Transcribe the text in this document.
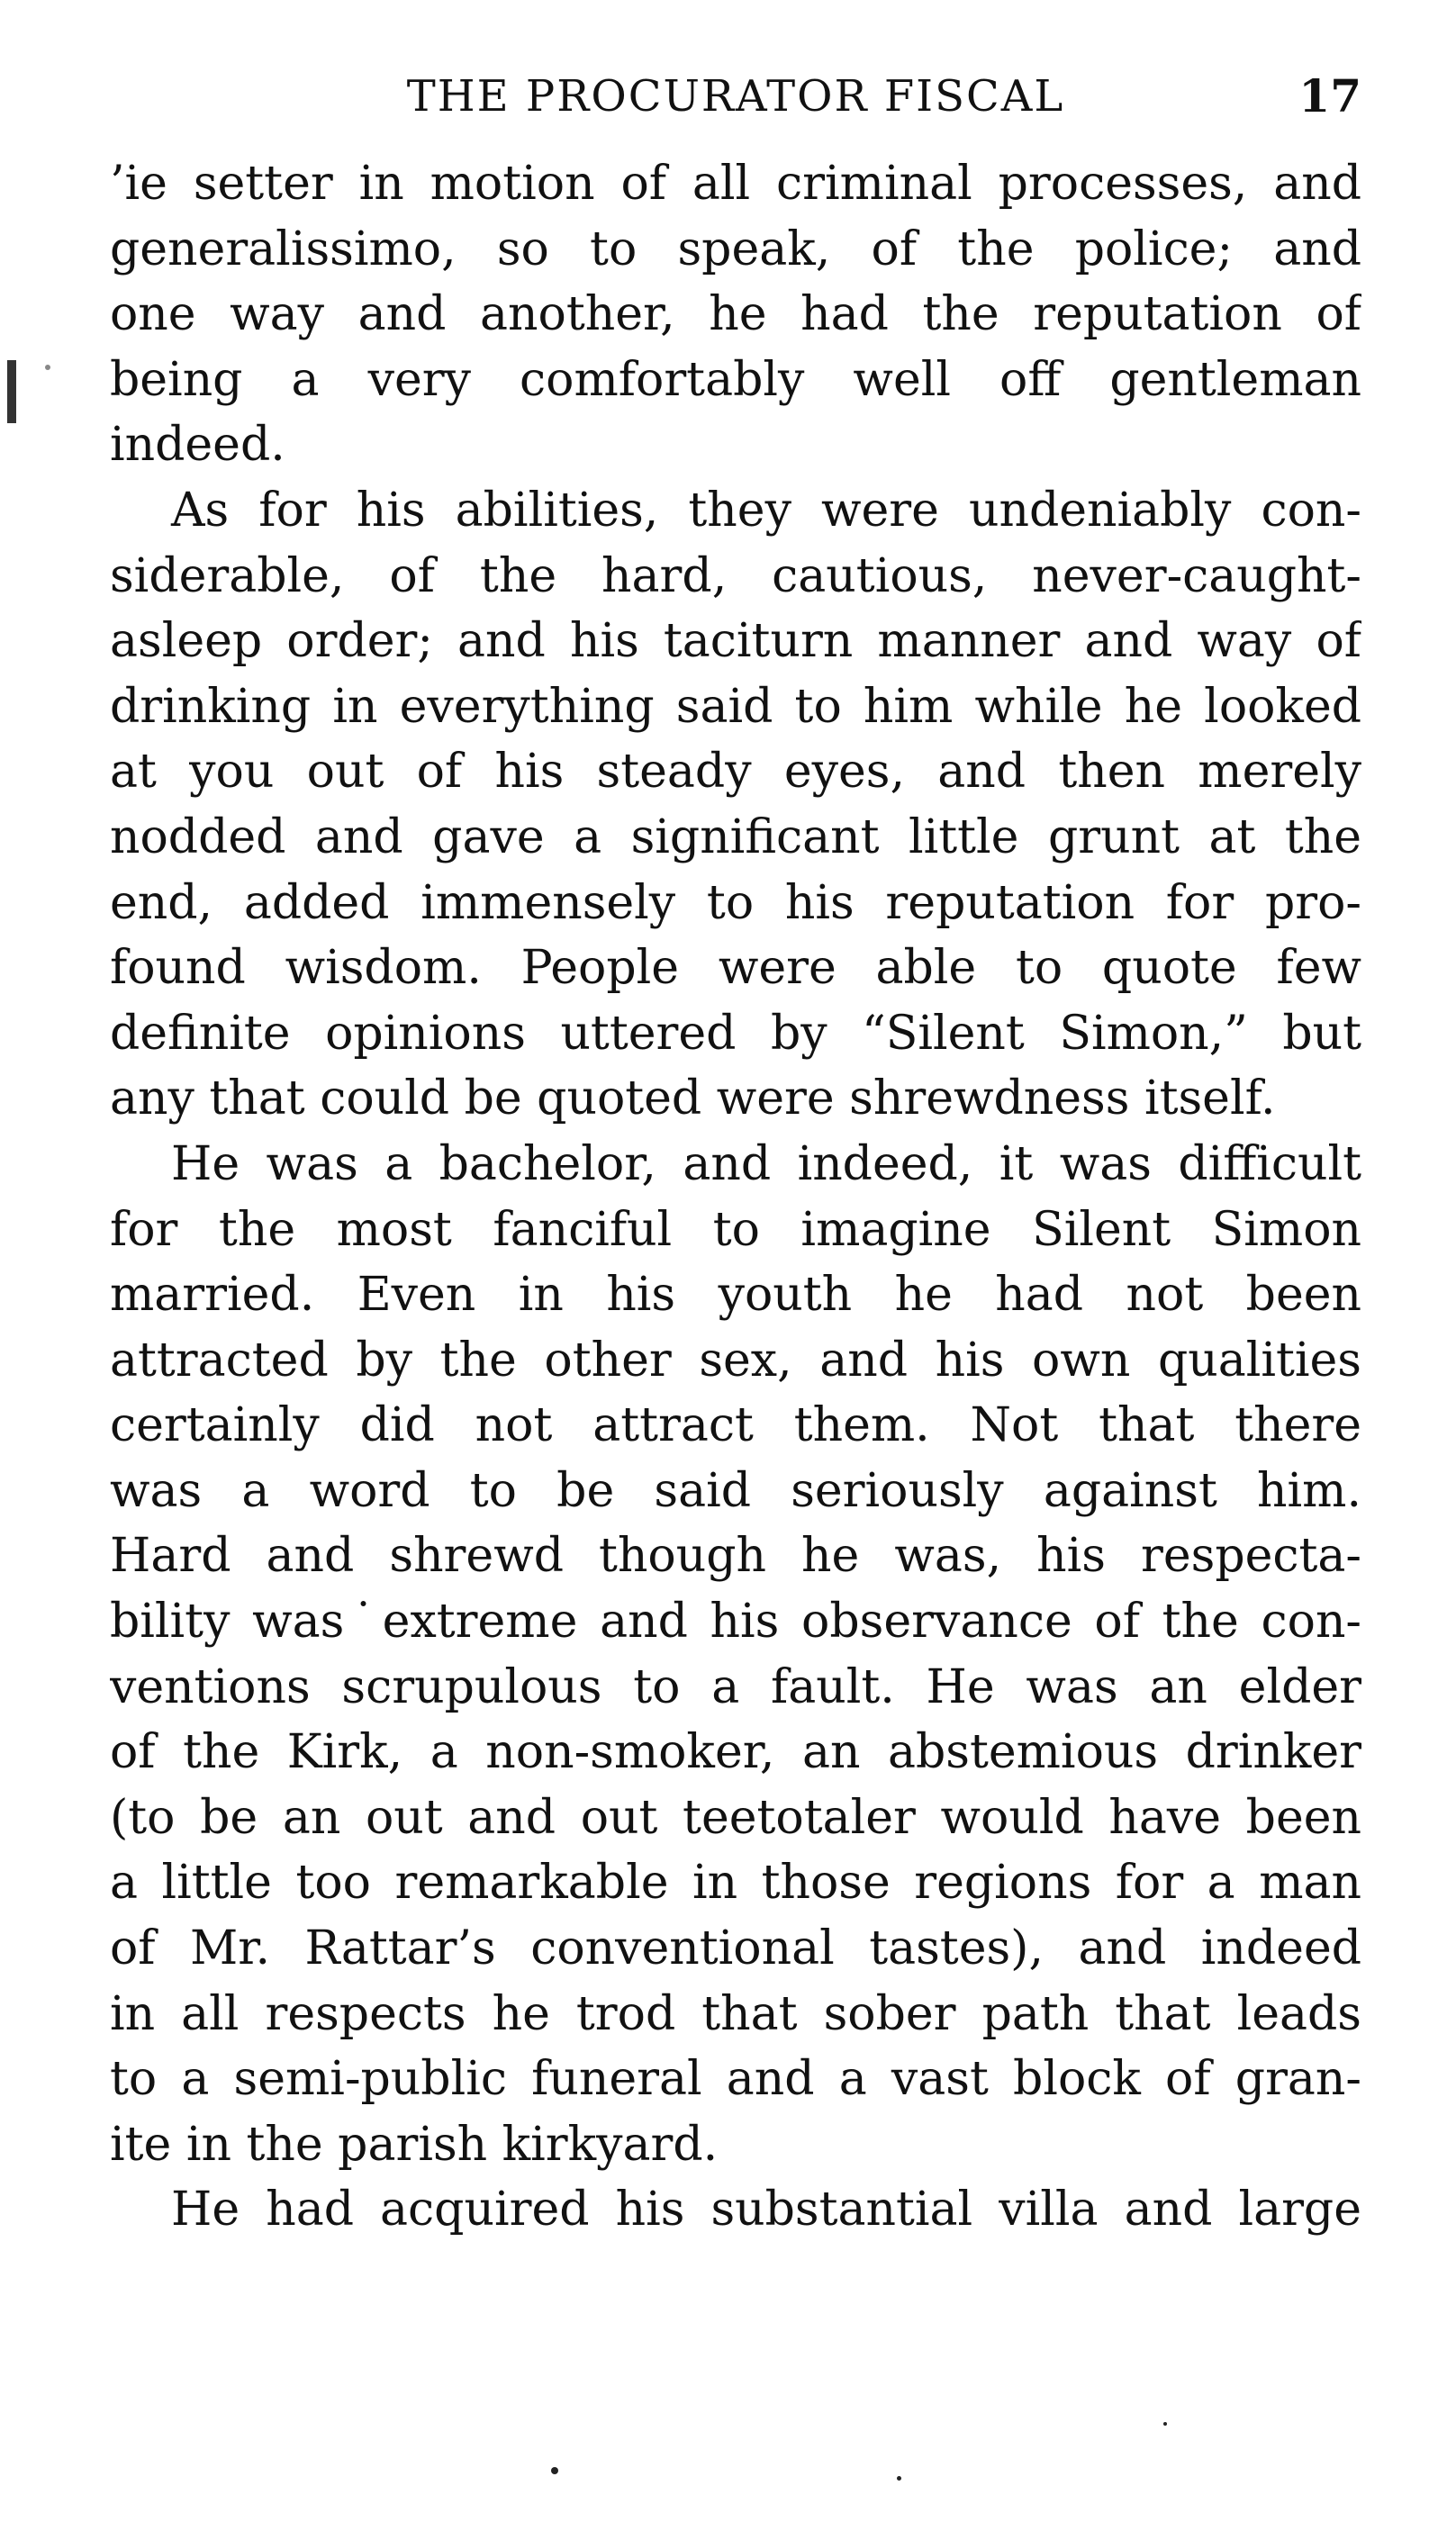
THE PROCURATOR FISCAL	17
’ie setter in motion of all criminal processes, and
generalissimo, so to speak, of the police; and
one way and another, he had the reputation of
being a very comfortably well off gentleman
indeed.
As for his abilities, they were undeniably con-
siderable, of the hard, cautious, never-caught-
asleep order; and his taciturn manner and way of
drinking in everything said to him while he looked
at you out of his steady eyes, and then merely
nodded and gave a significant little grunt at the
end, added immensely to his reputation for pro-
found wisdom. People were able to quote few
definite opinions uttered by “Silent Simon,” but
any that could be quoted were shrewdness itself.
He was a bachelor, and indeed, it was difficult
for the most fanciful to imagine Silent Simon
married. Even in his youth he had not been
attracted by the other sex, and his own qualities
certainly did not attract them. Not that there
was a word to be said seriously against him.
Hard and shrewd though he was, his respecta-
bility was˙extreme and his observance of the con-
ventions scrupulous to a fault. He was an elder
of the Kirk, a non-smoker, an abstemious drinker
(to be an out and out teetotaler would have been
a little too remarkable in those regions for a man
of Mr. Rattar’s conventional tastes), and indeed
in all respects he trod that sober path that leads
to a semi-public funeral and a vast block of gran-
ite in the parish kirkyard.
He had acquired his substantial villa and large
